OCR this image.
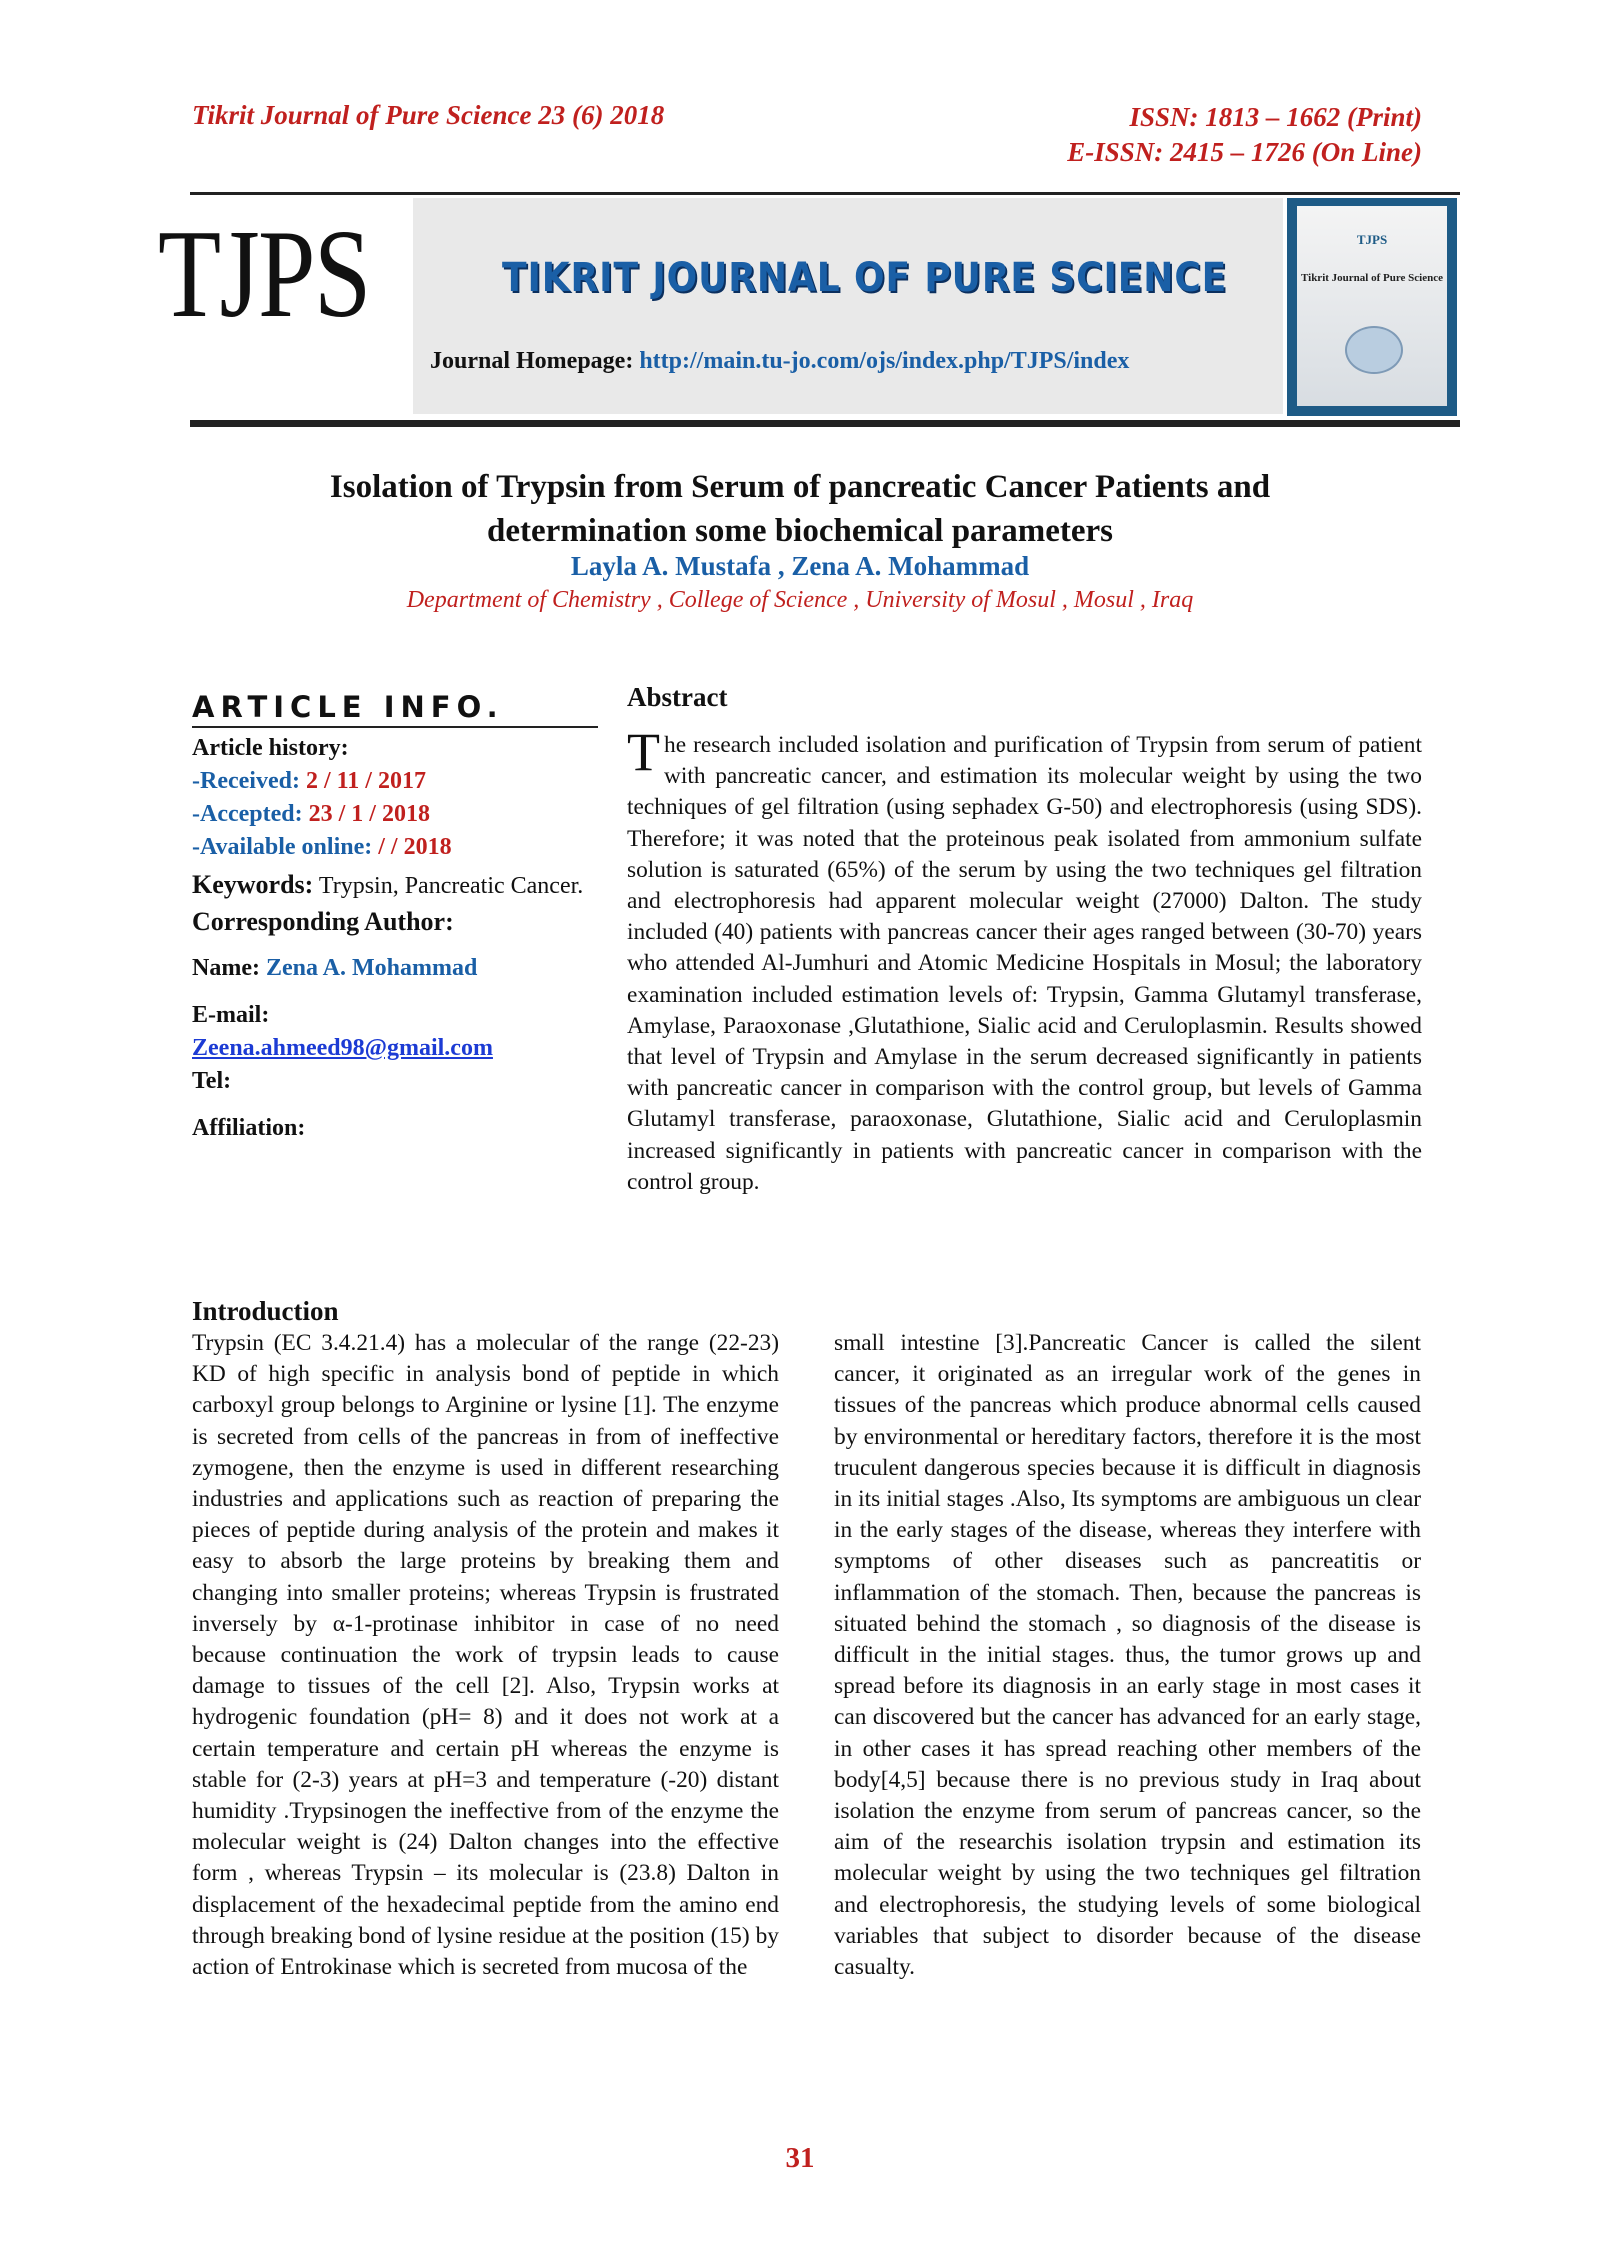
Tikrit Journal of Pure Science 23 (6) 2018	ISSN: 1813 – 1662 (Print)
E-ISSN: 2415 – 1726 (On Line)
TJPS	TIKRIT JOURNAL OF PURE SCIENCE
Journal Homepage: http://main.tu-jo.com/ojs/index.php/TJPS/index
TJPS
Tikrit Journal of Pure Science
Isolation of Trypsin from Serum of pancreatic Cancer Patients and
determination some biochemical parameters
Layla A. Mustafa , Zena A. Mohammad
Department of Chemistry , College of Science , University of Mosul , Mosul , Iraq
ARTICLE INFO.
Article history:
-Received: 2 / 11 / 2017
-Accepted: 23 / 1 / 2018
-Available online: / / 2018
Keywords: Trypsin, Pancreatic Cancer.
Corresponding Author:
Name: Zena A. Mohammad
E-mail:
Zeena.ahmeed98@gmail.com
Tel:
Affiliation:
Abstract
The research included isolation and purification of Trypsin from serum of patient with pancreatic cancer, and estimation its molecular weight by using the two techniques of gel filtration (using sephadex G-50) and electrophoresis (using SDS). Therefore; it was noted that the proteinous peak isolated from ammonium sulfate solution is saturated (65%) of the serum by using the two techniques gel filtration and electrophoresis had apparent molecular weight (27000) Dalton. The study included (40) patients with pancreas cancer their ages ranged between (30-70) years who attended Al-Jumhuri and Atomic Medicine Hospitals in Mosul; the laboratory examination included estimation levels of: Trypsin, Gamma Glutamyl transferase, Amylase, Paraoxonase ,Glutathione, Sialic acid and Ceruloplasmin. Results showed that level of Trypsin and Amylase in the serum decreased significantly in patients with pancreatic cancer in comparison with the control group, but levels of Gamma Glutamyl transferase, paraoxonase, Glutathione, Sialic acid and Ceruloplasmin increased significantly in patients with pancreatic cancer in comparison with the control group.
Introduction
Trypsin (EC 3.4.21.4) has a molecular of the range (22-23) KD of high specific in analysis bond of peptide in which carboxyl group belongs to Arginine or lysine [1]. The enzyme is secreted from cells of the pancreas in from of ineffective zymogene, then the enzyme is used in different researching industries and applications such as reaction of preparing the pieces of peptide during analysis of the protein and makes it easy to absorb the large proteins by breaking them and changing into smaller proteins; whereas Trypsin is frustrated inversely by α-1-protinase inhibitor in case of no need because continuation the work of trypsin leads to cause damage to tissues of the cell [2]. Also, Trypsin works at hydrogenic foundation (pH= 8) and it does not work at a certain temperature and certain pH whereas the enzyme is stable for (2-3) years at pH=3 and temperature (-20) distant humidity .Trypsinogen the ineffective from of the enzyme the molecular weight is (24) Dalton changes into the effective form , whereas Trypsin – its molecular is (23.8) Dalton in displacement of the hexadecimal peptide from the amino end through breaking bond of lysine residue at the position (15) by action of Entrokinase which is secreted from mucosa of the
small intestine [3].Pancreatic Cancer is called the silent cancer, it originated as an irregular work of the genes in tissues of the pancreas which produce abnormal cells caused by environmental or hereditary factors, therefore it is the most truculent dangerous species because it is difficult in diagnosis in its initial stages .Also, Its symptoms are ambiguous un clear in the early stages of the disease, whereas they interfere with symptoms of other diseases such as pancreatitis or inflammation of the stomach. Then, because the pancreas is situated behind the stomach , so diagnosis of the disease is difficult in the initial stages. thus, the tumor grows up and spread before its diagnosis in an early stage in most cases it can discovered but the cancer has advanced for an early stage, in other cases it has spread reaching other members of the body[4,5] because there is no previous study in Iraq about isolation the enzyme from serum of pancreas cancer, so the aim of the researchis isolation trypsin and estimation its molecular weight by using the two techniques gel filtration and electrophoresis, the studying levels of some biological variables that subject to disorder because of the disease casualty.
31
